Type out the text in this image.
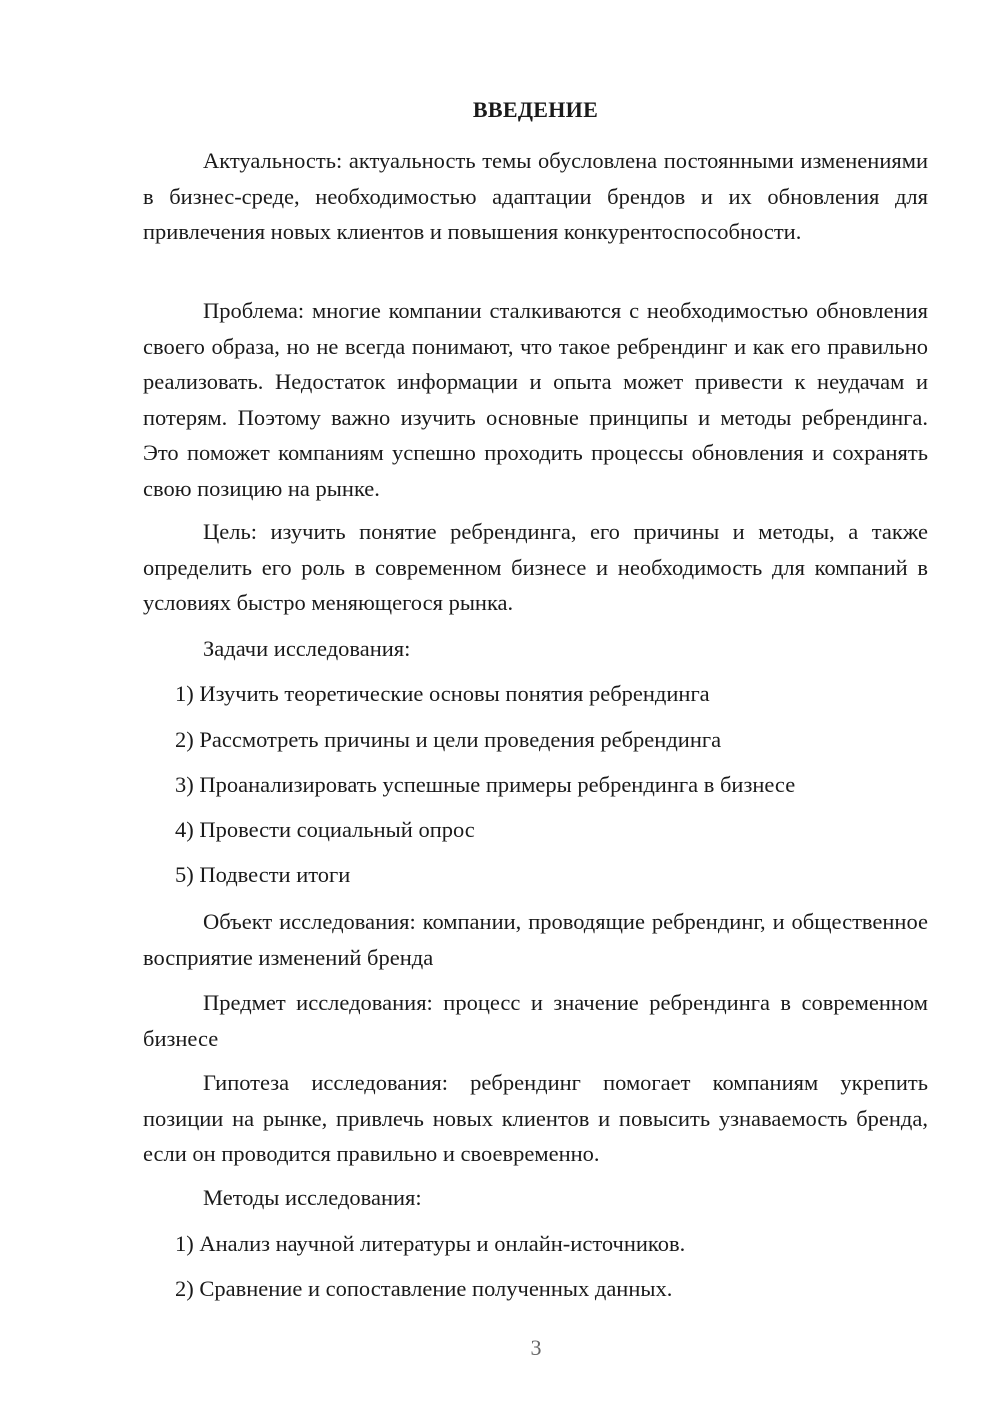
ВВЕДЕНИЕ

Актуальность: актуальность темы обусловлена постоянными изменениями в бизнес-среде, необходимостью адаптации брендов и их обновления для привлечения новых клиентов и повышения конкурентоспособности.

Проблема: многие компании сталкиваются с необходимостью обновления своего образа, но не всегда понимают, что такое ребрендинг и как его правильно реализовать. Недостаток информации и опыта может привести к неудачам и потерям. Поэтому важно изучить основные принципы и методы ребрендинга. Это поможет компаниям успешно проходить процессы обновления и сохранять свою позицию на рынке.

Цель: изучить понятие ребрендинга, его причины и методы, а также определить его роль в современном бизнесе и необходимость для компаний в условиях быстро меняющегося рынка.

Задачи исследования:

1) Изучить теоретические основы понятия ребрендинга

2) Рассмотреть причины и цели проведения ребрендинга

3) Проанализировать успешные примеры ребрендинга в бизнесе

4) Провести социальный опрос

5) Подвести итоги

Объект исследования: компании, проводящие ребрендинг, и общественное восприятие изменений бренда

Предмет исследования: процесс и значение ребрендинга в современном бизнесе

Гипотеза исследования: ребрендинг помогает компаниям укрепить позиции на рынке, привлечь новых клиентов и повысить узнаваемость бренда, если он проводится правильно и своевременно.

Методы исследования:

1) Анализ научной литературы и онлайн-источников.

2) Сравнение и сопоставление полученных данных.

3
